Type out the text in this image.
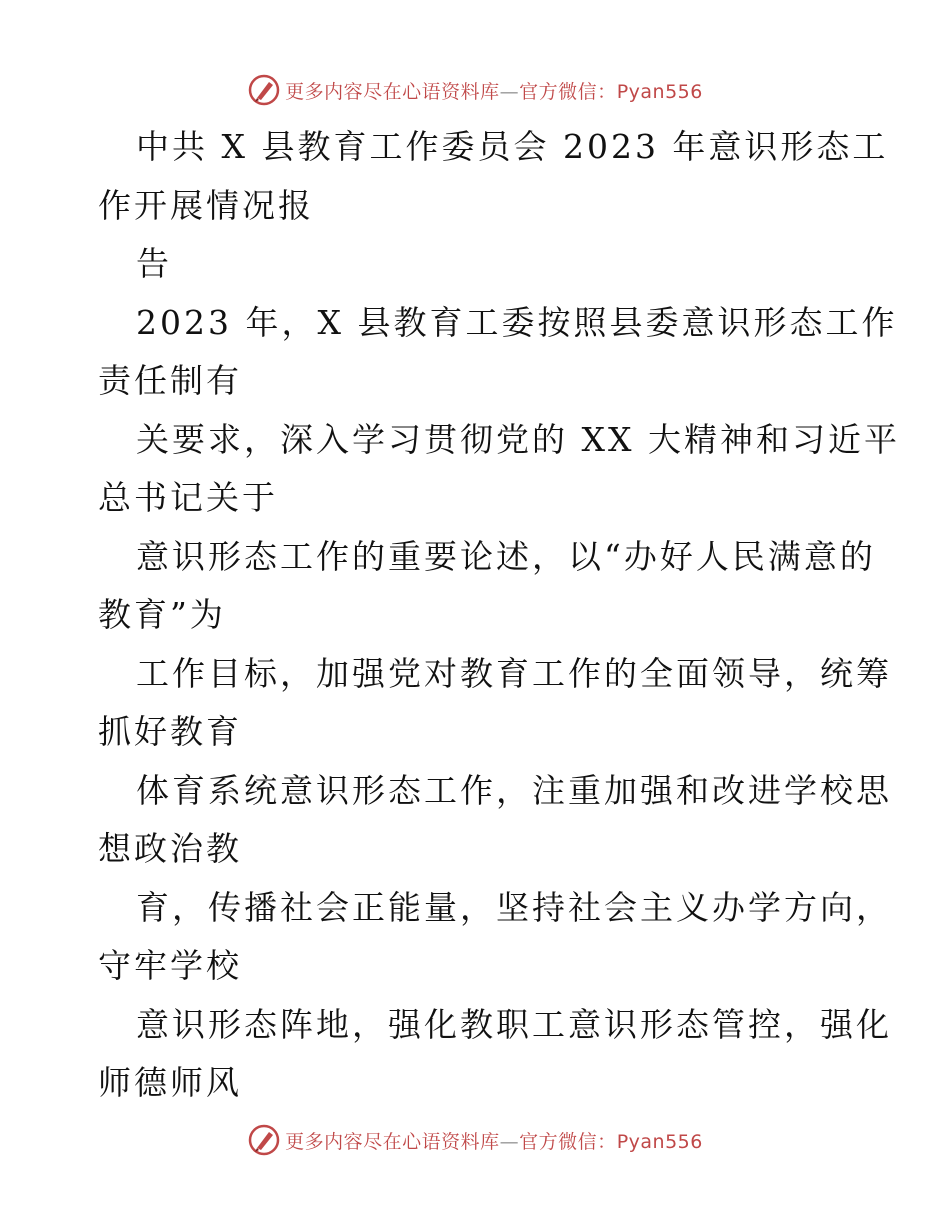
更多内容尽在心语资料库—官方微信：Pyan556
中共 X 县教育工作委员会 2023 年意识形态工
作开展情况报
告
2023 年，X 县教育工委按照县委意识形态工作
责任制有
关要求，深入学习贯彻党的 XX 大精神和习近平
总书记关于
意识形态工作的重要论述，以“办好人民满意的
教育”为
工作目标，加强党对教育工作的全面领导，统筹
抓好教育
体育系统意识形态工作，注重加强和改进学校思
想政治教
育，传播社会正能量，坚持社会主义办学方向，
守牢学校
意识形态阵地，强化教职工意识形态管控，强化
师德师风
更多内容尽在心语资料库—官方微信：Pyan556
